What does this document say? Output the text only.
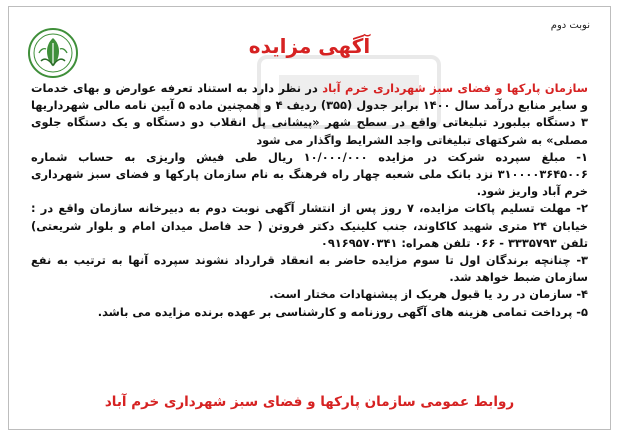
نوبت دوم
آگهی مزایده

سازمان پارکها و فضای سبز شهرداری خرم آباد در نظر دارد به استناد تعرفه عوارض و بهای خدمات و سایر منابع درآمد سال ۱۴۰۰ برابر جدول (۳۵۵) ردیف ۴ و همچنین ماده ۵ آیین نامه مالی شهرداریها ۳ دستگاه بیلبورد تبلیغاتی واقع در سطح شهر «پیشانی پل انقلاب دو دستگاه و یک دستگاه جلوی مصلی» به شرکتهای تبلیغاتی واجد الشرایط واگذار می شود

۱- مبلغ سپرده شرکت در مزایده ۱۰/۰۰۰/۰۰۰ ریال طی فیش واریزی به حساب شماره ۳۱۰۰۰۰۳۶۴۵۰۰۶ نزد بانک ملی شعبه چهار راه فرهنگ به نام سازمان پارکها و فضای سبز شهرداری خرم آباد واریز شود.

۲- مهلت تسلیم پاکات مزایده، ۷ روز پس از انتشار آگهی نوبت دوم به دبیرخانه سازمان واقع در : خیابان ۲۴ متری شهید کاکاوند، جنب کلینیک دکتر فروتن ( حد فاصل میدان امام و بلوار شریعتی) تلفن ۳۳۳۵۷۹۳ - ۰۶۶ تلفن همراه: ۰۹۱۶۹۵۷۰۳۴۱

۳- چنانچه برندگان اول تا سوم مزایده حاضر به انعقاد قرارداد نشوند سپرده آنها به ترتیب به نفع سازمان ضبط خواهد شد.

۴- سازمان در رد یا قبول هریک از پیشنهادات مختار است.

۵- پرداخت تمامی هزینه های آگهی روزنامه و کارشناسی بر عهده برنده مزایده می باشد.

روابط عمومی سازمان پارکها و فضای سبز شهرداری خرم آباد
